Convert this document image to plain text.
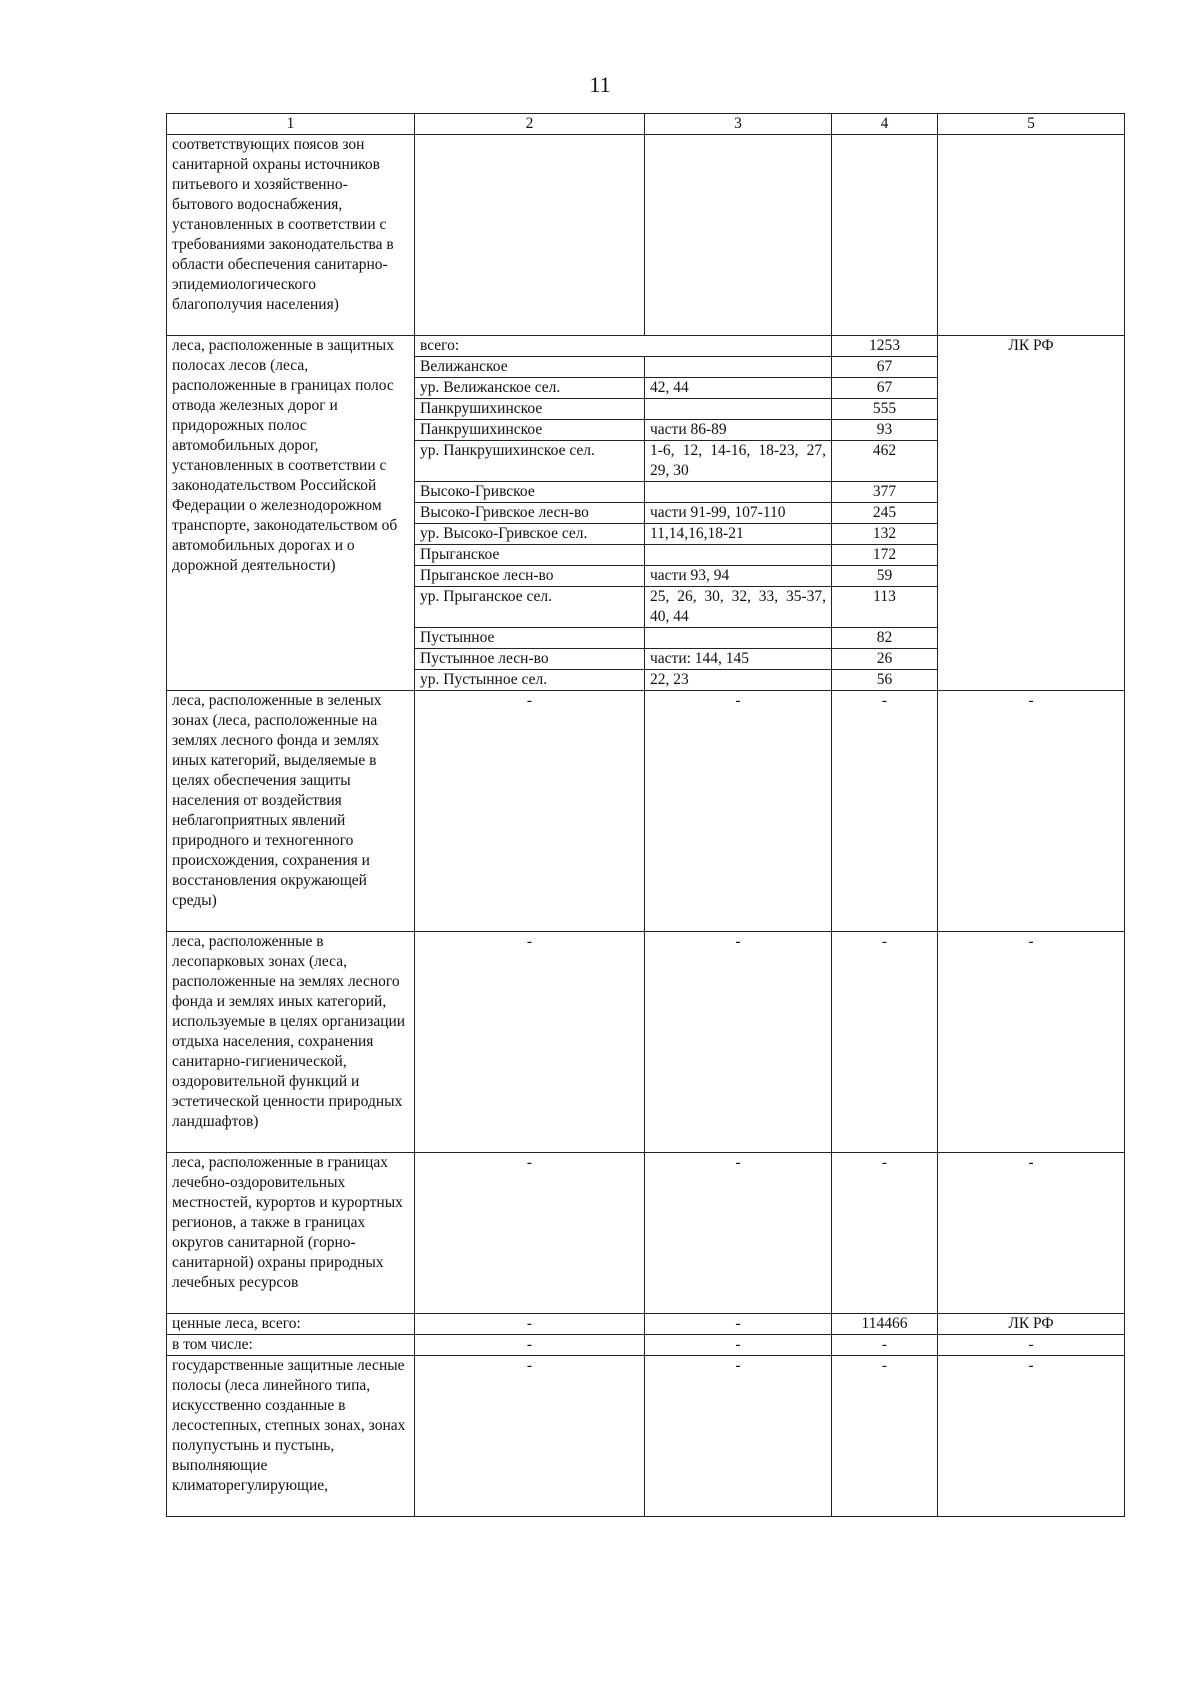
11
1	2	3	4	5
соответствующих поясов зон санитарной охраны источников питьевого и хозяйственно-бытового водоснабжения, установленных в соответствии с требованиями законодательства в области обеспечения санитарно-эпидемиологического благополучия населения)				
леса, расположенные в защитных полосах лесов (леса, расположенные в границах полос отвода железных дорог и придорожных полос автомобильных дорог, установленных в соответствии с законодательством Российской Федерации о железнодорожном транспорте, законодательством об автомобильных дорогах и о дорожной деятельности)	всего:		1253	ЛК РФ
	Велижанское		67	
	ур. Велижанское сел.	42, 44	67	
	Панкрушихинское		555	
	Панкрушихинское	части 86-89	93	
	ур. Панкрушихинское сел.	1-6, 12, 14-16, 18-23, 27, 29, 30	462	
	Высоко-Гривское		377	
	Высоко-Гривское лесн-во	части 91-99, 107-110	245	
	ур. Высоко-Гривское сел.	11,14,16,18-21	132	
	Прыганское		172	
	Прыганское лесн-во	части 93, 94	59	
	ур. Прыганское сел.	25, 26, 30, 32, 33, 35-37, 40, 44	113	
	Пустынное		82	
	Пустынное лесн-во	части: 144, 145	26	
	ур. Пустынное сел.	22, 23	56	
леса, расположенные в зеленых зонах (леса, расположенные на землях лесного фонда и землях иных категорий, выделяемые в целях обеспечения защиты населения от воздействия неблагоприятных явлений природного и техногенного происхождения, сохранения и восстановления окружающей среды)	-	-	-	-
леса, расположенные в лесопарковых зонах (леса, расположенные на землях лесного фонда и землях иных категорий, используемые в целях организации отдыха населения, сохранения санитарно-гигиенической, оздоровительной функций и эстетической ценности природных ландшафтов)	-	-	-	-
леса, расположенные в границах лечебно-оздоровительных местностей, курортов и курортных регионов, а также в границах округов санитарной (горно-санитарной) охраны природных лечебных ресурсов	-	-	-	-
ценные леса, всего:	-	-	114466	ЛК РФ
в том числе:	-	-	-	-
государственные защитные лесные полосы (леса линейного типа, искусственно созданные в лесостепных, степных зонах, зонах полупустынь и пустынь, выполняющие климаторегулирующие,	-	-	-	-
